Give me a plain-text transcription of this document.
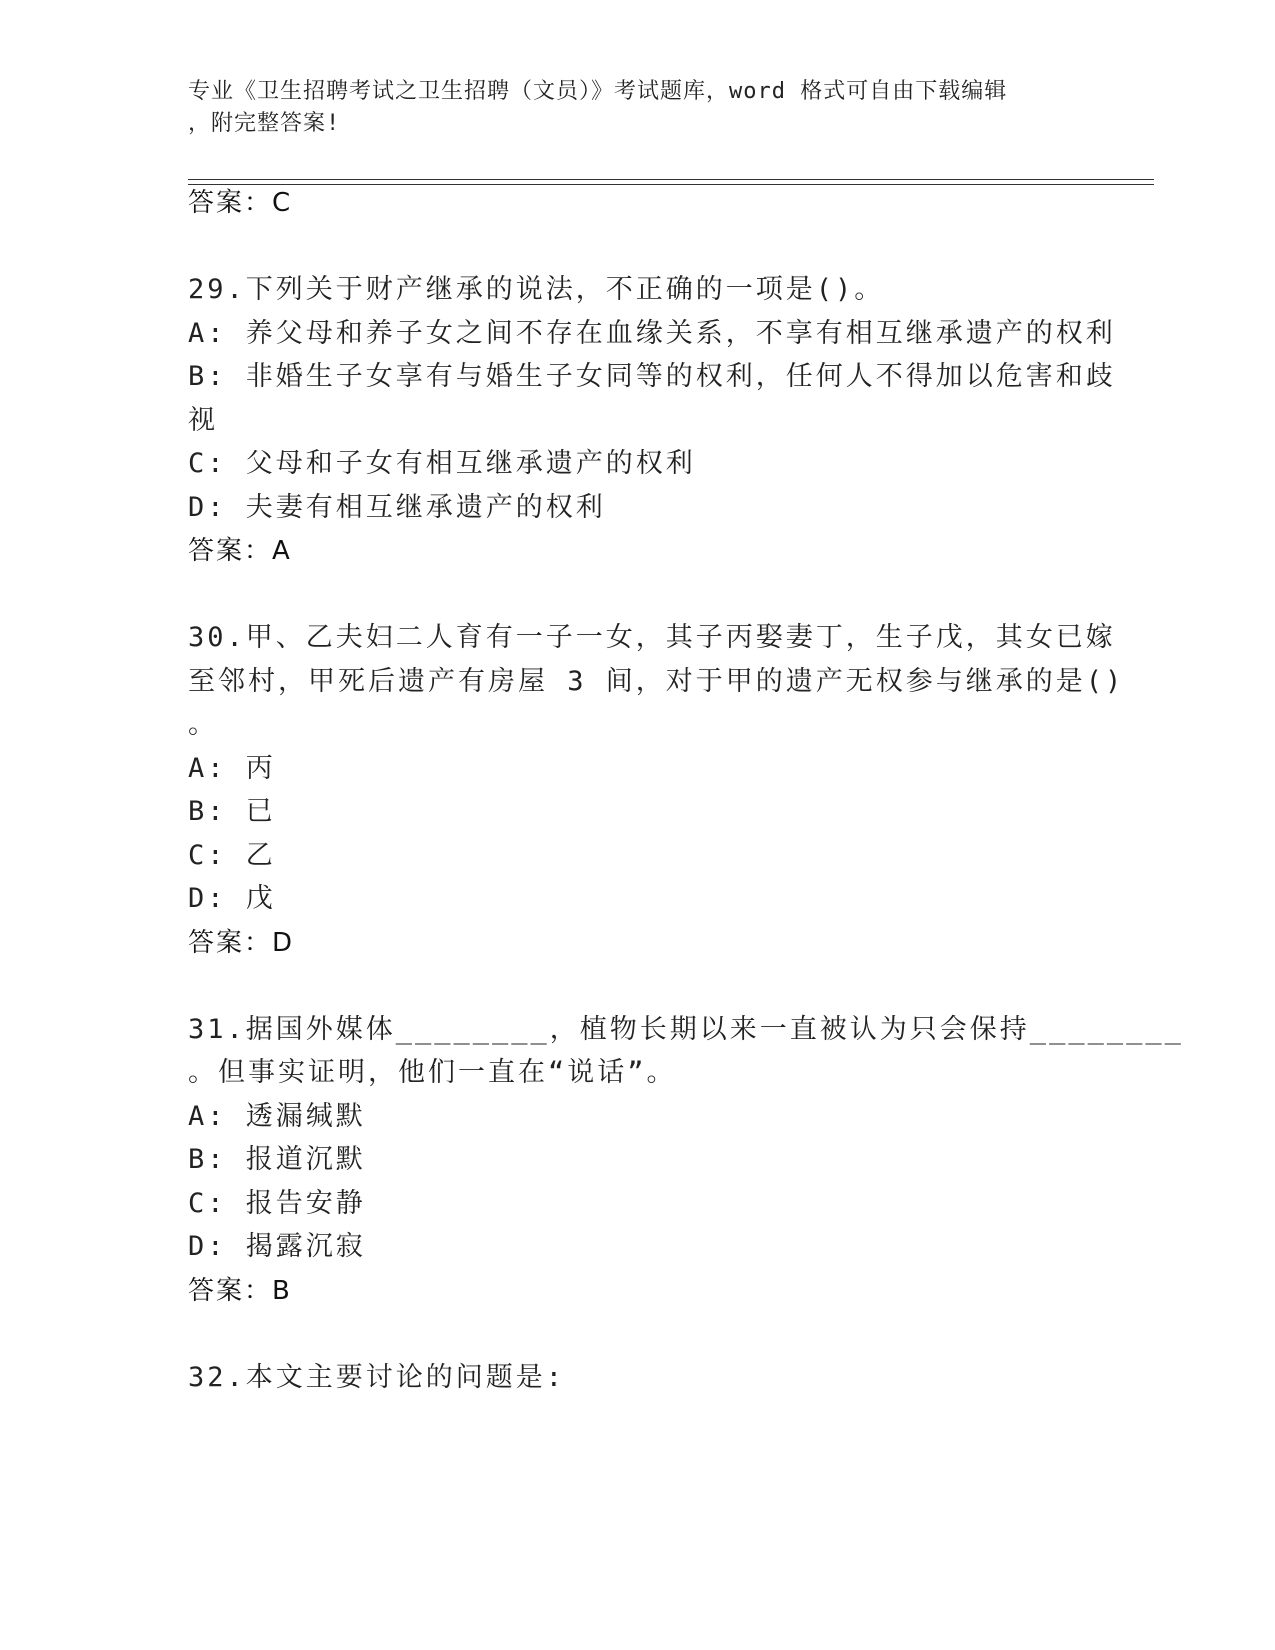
专业《卫生招聘考试之卫生招聘（文员）》考试题库，word 格式可自由下载编辑
，附完整答案!
答案：C
29.下列关于财产继承的说法，不正确的一项是()。
A: 养父母和养子女之间不存在血缘关系，不享有相互继承遗产的权利
B: 非婚生子女享有与婚生子女同等的权利，任何人不得加以危害和歧
视
C: 父母和子女有相互继承遗产的权利
D: 夫妻有相互继承遗产的权利
答案：A
30.甲、乙夫妇二人育有一子一女，其子丙娶妻丁，生子戊，其女已嫁
至邻村，甲死后遗产有房屋 3 间，对于甲的遗产无权参与继承的是()
。
A: 丙
B: 已
C: 乙
D: 戊
答案：D
31.据国外媒体________，植物长期以来一直被认为只会保持________
。但事实证明，他们一直在“说话”。
A: 透漏缄默
B: 报道沉默
C: 报告安静
D: 揭露沉寂
答案：B
32.本文主要讨论的问题是:
